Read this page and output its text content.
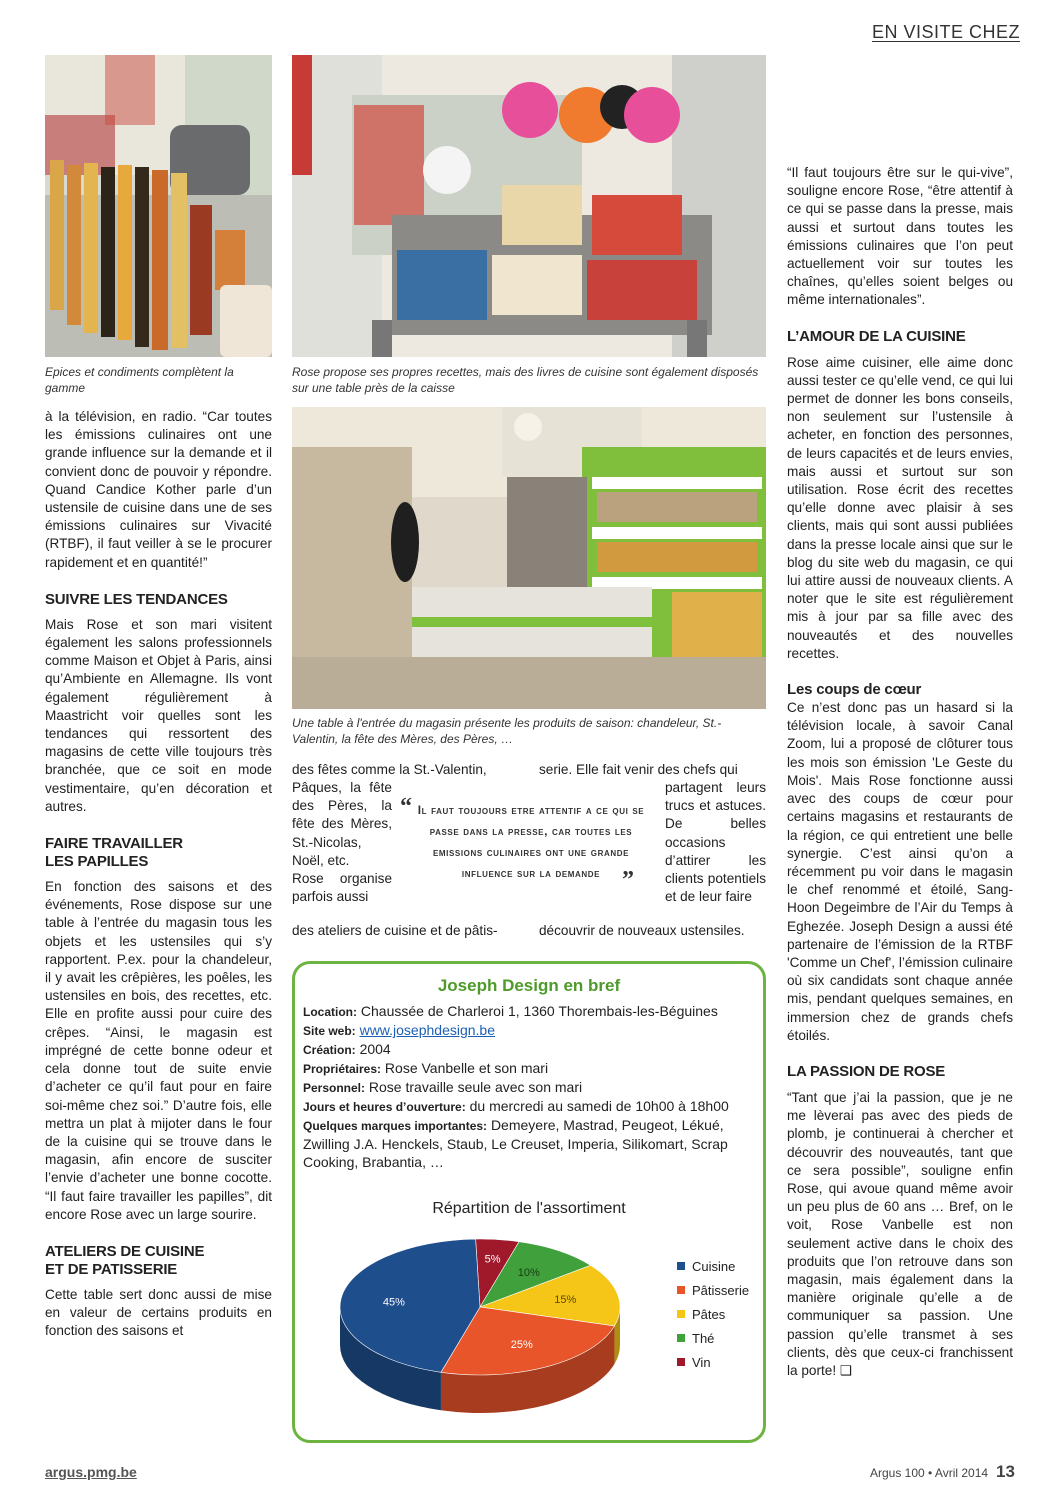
EN VISITE CHEZ
Epices et condiments complètent la gamme
Rose propose ses propres recettes, mais des livres de cuisine sont également disposés sur une table près de la caisse
Une table à l'entrée du magasin présente les produits de saison: chandeleur, St.-Valentin, la fête des Mères, des Pères, …

à la télévision, en radio. “Car toutes les émissions culinaires ont une grande influence sur la demande et il convient donc de pouvoir y répondre. Quand Candice Kother parle d’un ustensile de cuisine dans une de ses émissions culinaires sur Vivacité (RTBF), il faut veiller à se le procurer rapidement et en quantité!”

SUIVRE LES TENDANCES

Mais Rose et son mari visitent également les salons professionnels comme Maison et Objet à Paris, ainsi qu’Ambiente en Allemagne. Ils vont également régulièrement à Maastricht voir quelles sont les tendances qui ressortent des magasins de cette ville toujours très branchée, que ce soit en mode vestimentaire, qu’en décoration et autres.

FAIRE TRAVAILLER
LES PAPILLES

En fonction des saisons et des événements, Rose dispose sur une table à l’entrée du magasin tous les objets et les ustensiles qui s’y rapportent. P.ex. pour la chandeleur, il y avait les crêpières, les poêles, les ustensiles en bois, des recettes, etc. Elle en profite aussi pour cuire des crêpes. “Ainsi, le magasin est imprégné de cette bonne odeur et cela donne tout de suite envie d’acheter ce qu’il faut pour en faire soi-même chez soi.” D’autre fois, elle mettra un plat à mijoter dans le four de la cuisine qui se trouve dans le magasin, afin encore de susciter l’envie d’acheter une bonne cocotte. “Il faut faire travailler les papilles”, dit encore Rose avec un large sourire.

ATELIERS DE CUISINE
ET DE PATISSERIE

Cette table sert donc aussi de mise en valeur de certains produits en fonction des saisons et

des fêtes comme la St.-Valentin,

Pâques, la fête des Pères, la fête des Mères, St.-Nicolas, Noël, etc.

Rose organise parfois aussi

des ateliers de cuisine et de pâtis-
serie. Elle fait venir des chefs qui
partagent leurs trucs et astuces. De belles occasions d’attirer les clients potentiels et de leur faire
découvrir de nouveaux ustensiles.
“ Il faut toujours etre attentif a ce qui se passe dans la presse, car toutes les emissions culinaires ont une grande influence sur la demande ”
Joseph Design en bref
Location: Chaussée de Charleroi 1, 1360 Thorembais-les-Béguines
Site web: www.josephdesign.be
Création: 2004
Propriétaires: Rose Vanbelle et son mari
Personnel: Rose travaille seule avec son mari
Jours et heures d’ouverture: du mercredi au samedi de 10h00 à 18h00
Quelques marques importantes: Demeyere, Mastrad, Peugeot, Lékué, Zwilling J.A. Henckels, Staub, Le Creuset, Imperia, Silikomart, Scrap Cooking, Brabantia, …
Répartition de l'assortiment
5%
10%
15%
25%
45%
Cuisine
Pâtisserie
Pâtes
Thé
Vin

“Il faut toujours être sur le qui-vive”, souligne encore Rose, “être attentif à ce qui se passe dans la presse, mais aussi et surtout dans toutes les émissions culinaires que l’on peut actuellement voir sur toutes les chaînes, qu’elles soient belges ou même internationales”.

L’AMOUR DE LA CUISINE

Rose aime cuisiner, elle aime donc aussi tester ce qu’elle vend, ce qui lui permet de donner les bons conseils, non seulement sur l’ustensile à acheter, en fonction des personnes, de leurs capacités et de leurs envies, mais aussi et surtout sur son utilisation. Rose écrit des recettes qu’elle donne avec plaisir à ses clients, mais qui sont aussi publiées dans la presse locale ainsi que sur le blog du site web du magasin, ce qui lui attire aussi de nouveaux clients. A noter que le site est régulièrement mis à jour par sa fille avec des nouveautés et des nouvelles recettes.

Les coups de cœur

Ce n’est donc pas un hasard si la télévision locale, à savoir Canal Zoom, lui a proposé de clôturer tous les mois son émission 'Le Geste du Mois'. Mais Rose fonctionne aussi avec des coups de cœur pour certains magasins et restaurants de la région, ce qui entretient une belle synergie. C’est ainsi qu’on a récemment pu voir dans le magasin le chef renommé et étoilé, Sang-Hoon Degeimbre de l’Air du Temps à Eghezée. Joseph Design a aussi été partenaire de l’émission de la RTBF 'Comme un Chef', l’émission culinaire où six candidats sont chaque année mis, pendant quelques semaines, en immersion chez de grands chefs étoilés.

LA PASSION DE ROSE

“Tant que j’ai la passion, que je ne me lèverai pas avec des pieds de plomb, je continuerai à chercher et découvrir des nouveautés, tant que ce sera possible”, souligne enfin Rose, qui avoue quand même avoir un peu plus de 60 ans … Bref, on le voit, Rose Vanbelle est non seulement active dans le choix des produits que l’on retrouve dans son magasin, mais également dans la manière originale qu’elle a de communiquer sa passion. Une passion qu’elle transmet à ses clients, dès que ceux-ci franchissent la porte! ❑

argus.pmg.be	Argus 100 • Avril 2014 13
